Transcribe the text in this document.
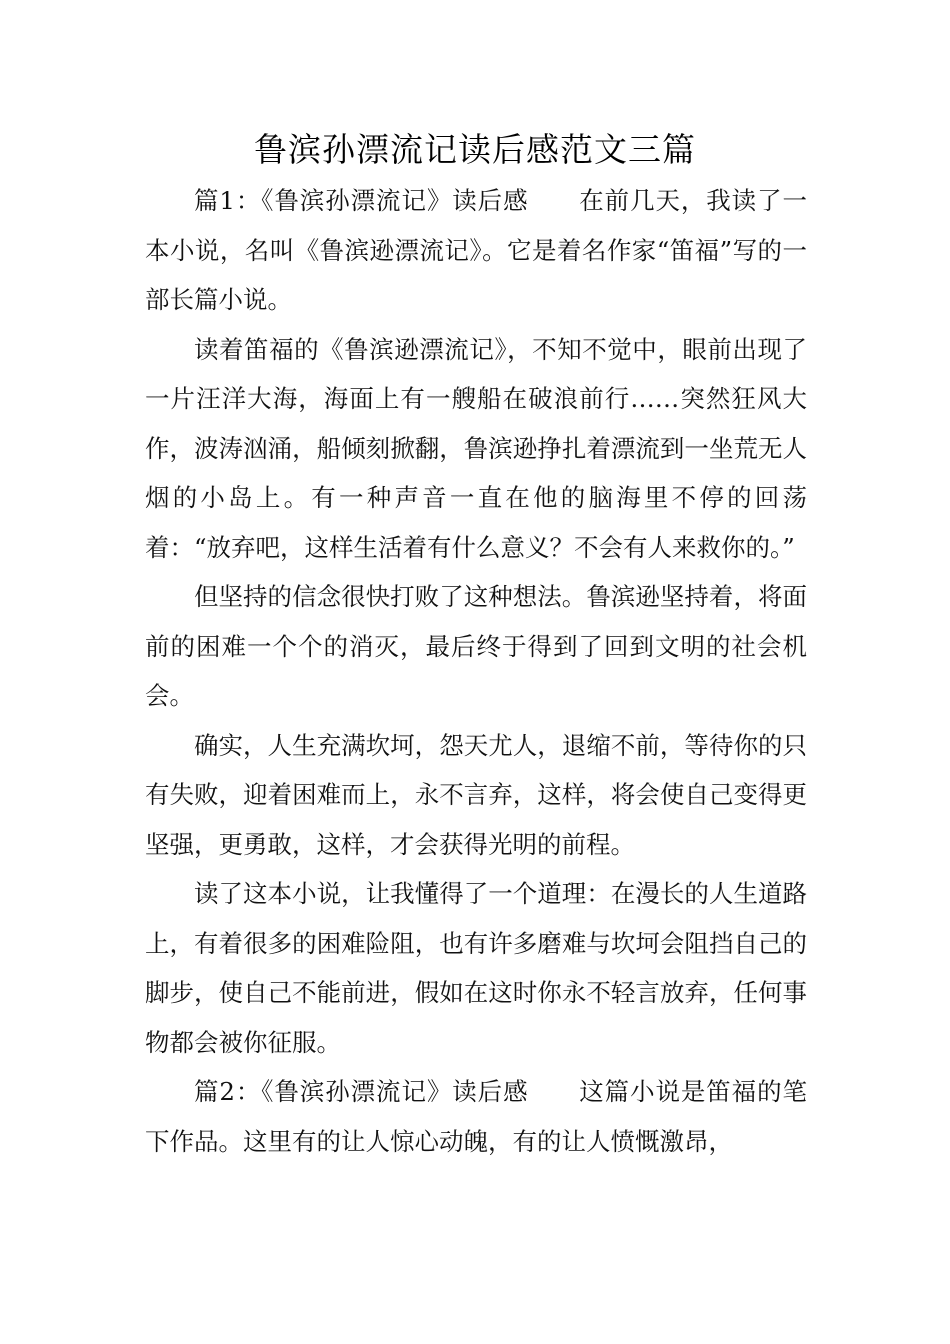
鲁滨孙漂流记读后感范文三篇

篇1：《鲁滨孙漂流记》读后感　　在前几天，我读了一本小说，名叫《鲁滨逊漂流记》。它是着名作家“笛福”写的一部长篇小说。

读着笛福的《鲁滨逊漂流记》，不知不觉中，眼前出现了一片汪洋大海，海面上有一艘船在破浪前行……突然狂风大作，波涛汹涌，船倾刻掀翻，鲁滨逊挣扎着漂流到一坐荒无人烟的小岛上。有一种声音一直在他的脑海里不停的回荡着：“放弃吧，这样生活着有什么意义？不会有人来救你的。”

但坚持的信念很快打败了这种想法。鲁滨逊坚持着，将面前的困难一个个的消灭，最后终于得到了回到文明的社会机会。

确实，人生充满坎坷，怨天尤人，退缩不前，等待你的只有失败，迎着困难而上，永不言弃，这样，将会使自己变得更坚强，更勇敢，这样，才会获得光明的前程。

读了这本小说，让我懂得了一个道理：在漫长的人生道路上，有着很多的困难险阻，也有许多磨难与坎坷会阻挡自己的脚步，使自己不能前进，假如在这时你永不轻言放弃，任何事物都会被你征服。

篇2：《鲁滨孙漂流记》读后感　　这篇小说是笛福的笔下作品。这里有的让人惊心动魄，有的让人愤慨激昂，
